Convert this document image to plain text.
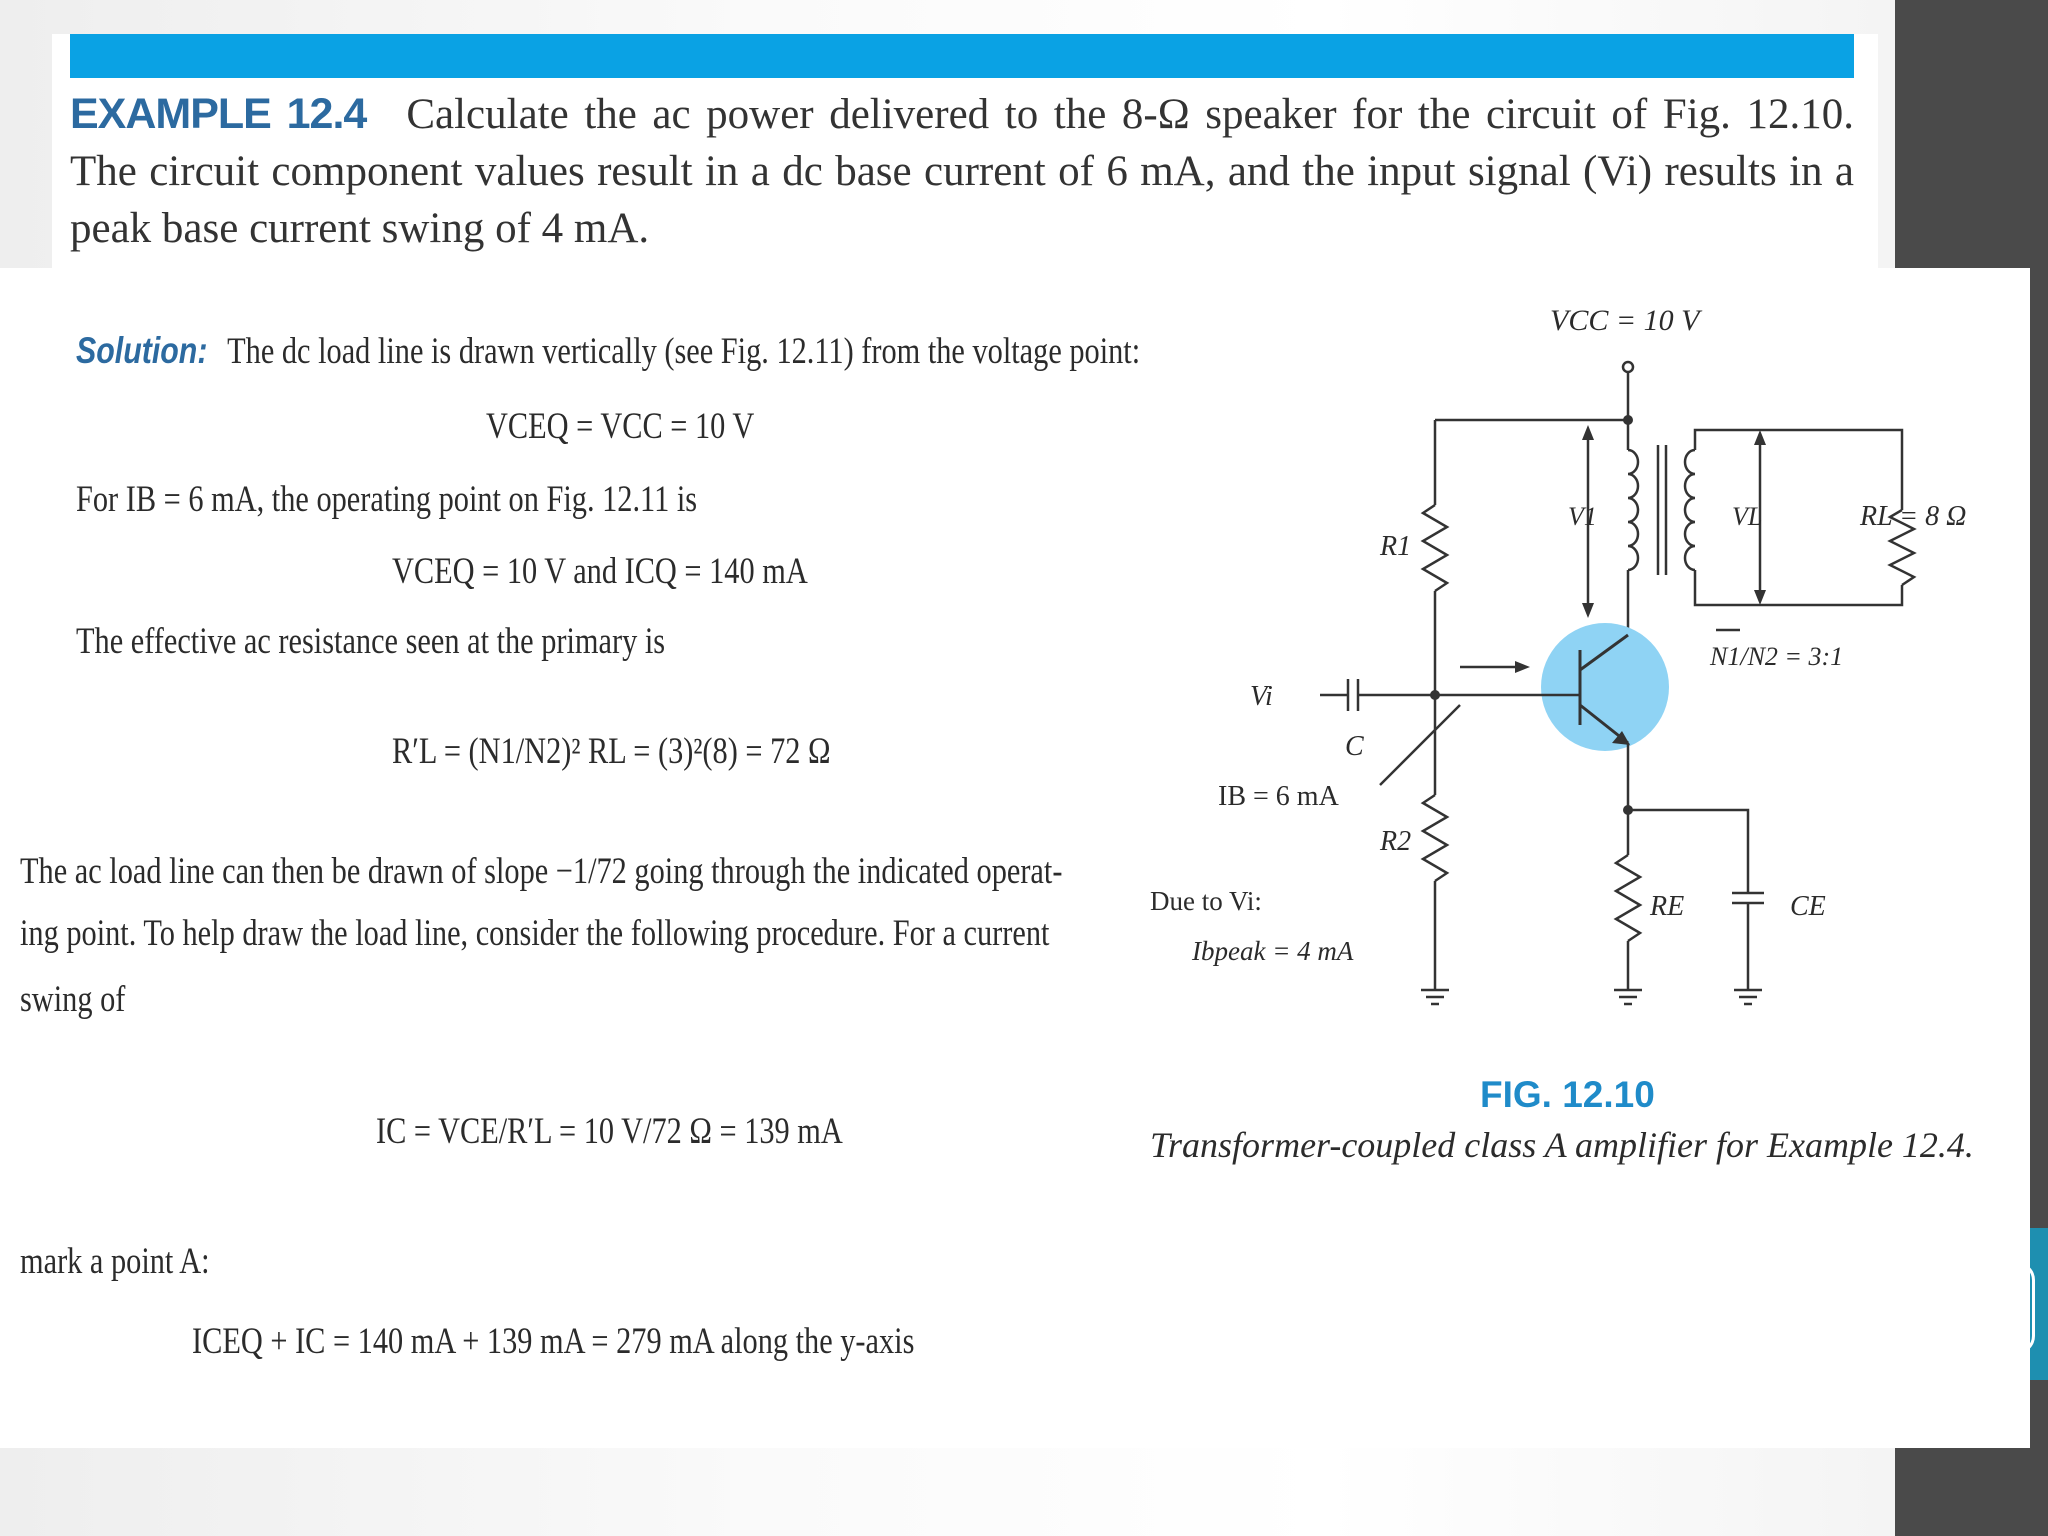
EXAMPLE 12.4 Calculate the ac power delivered to the 8-Ω speaker for the circuit of Fig. 12.10. The circuit component values result in a dc base current of 6 mA, and the input signal (Vi) results in a peak base current swing of 4 mA.
Solution: The dc load line is drawn vertically (see Fig. 12.11) from the voltage point:
VCEQ = VCC = 10 V
For IB = 6 mA, the operating point on Fig. 12.11 is
VCEQ = 10 V and ICQ = 140 mA
The effective ac resistance seen at the primary is
R′L = (N1/N2)² RL = (3)²(8) = 72 Ω
The ac load line can then be drawn of slope −1/72 going through the indicated operat-
ing point. To help draw the load line, consider the following procedure. For a current
swing of
IC = VCE/R′L = 10 V/72 Ω = 139 mA
mark a point A:
ICEQ + IC = 140 mA + 139 mA = 279 mA along the y-axis
VCC = 10 V
R1
R2
RE	CE
C
Vi
V1	VL	RL = 8 Ω
N1/N2 = 3:1
IB = 6 mA
Due to Vi:
Ibpeak = 4 mA
FIG. 12.10
Transformer-coupled class A amplifier for Example 12.4.
